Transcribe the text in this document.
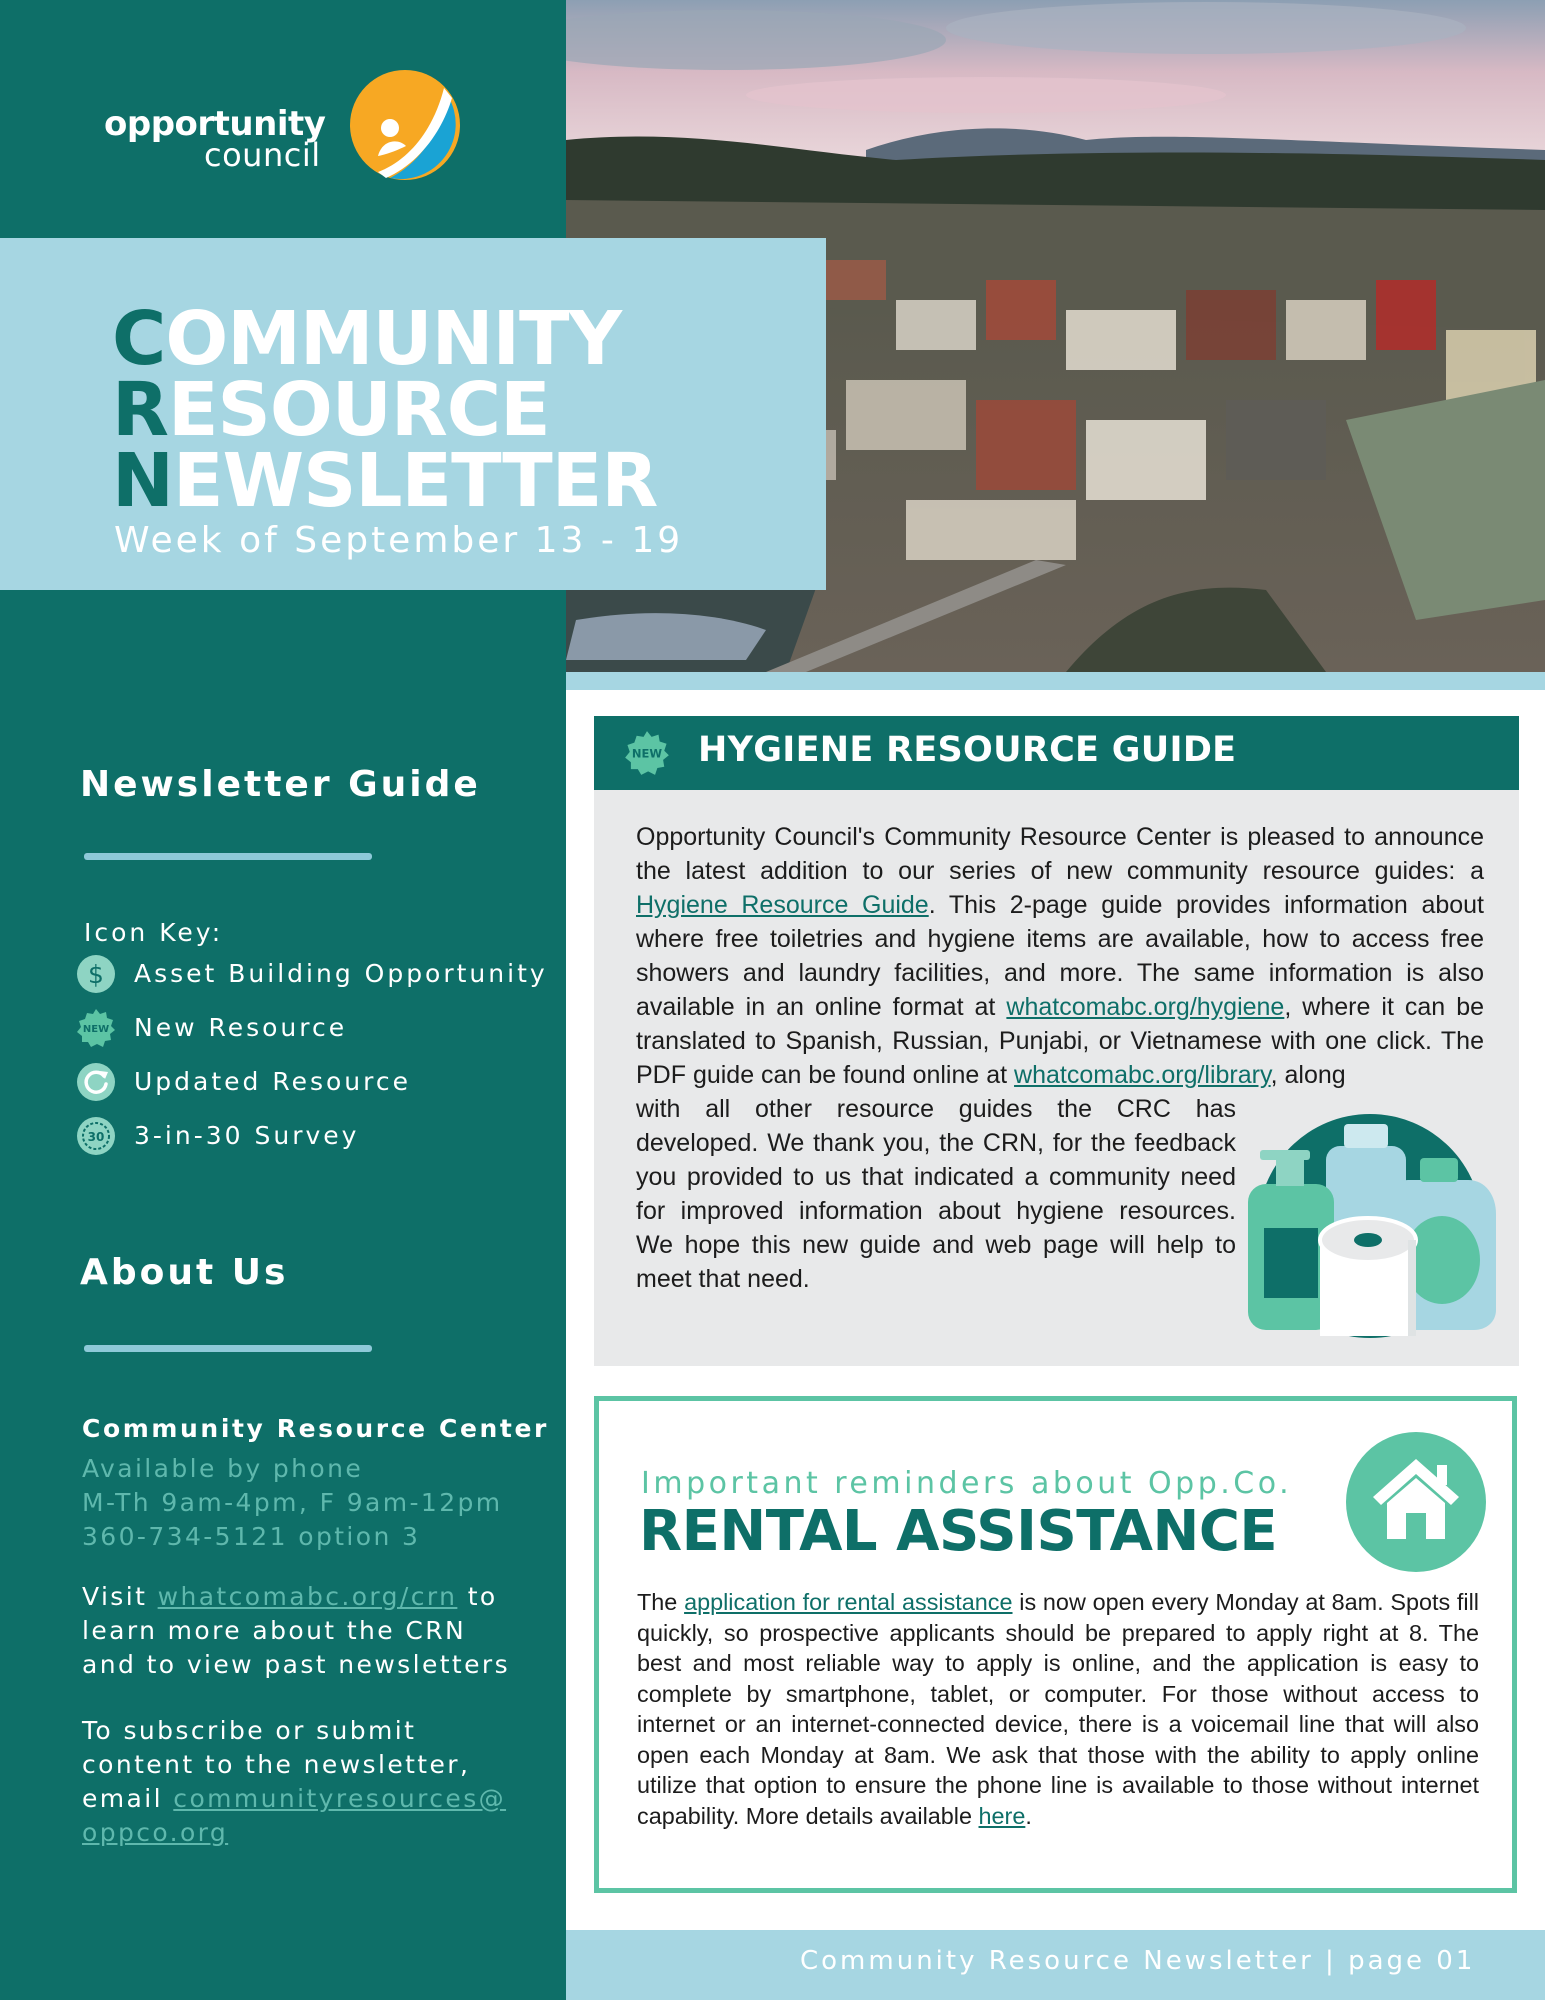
opportunity
council
Newsletter Guide
Icon Key:
$ Asset Building Opportunity
NEW New Resource
Updated Resource
30 3-in-30 Survey
About Us
Community Resource Center
Available by phone
M-Th 9am-4pm, F 9am-12pm
360-734-5121 option 3
Visit whatcomabc.org/crn to learn more about the CRN and to view past newsletters
To subscribe or submit content to the newsletter, email communityresources@ oppco.org
COMMUNITY
RESOURCE
NEWSLETTER
Week of September 13 - 19
NEW HYGIENE RESOURCE GUIDE
Opportunity Council's Community Resource Center is pleased to announce the latest addition to our series of new community resource guides: a Hygiene Resource Guide. This 2-page guide provides information about where free toiletries and hygiene items are available, how to access free showers and laundry facilities, and more. The same information is also available in an online format at whatcomabc.org/hygiene, where it can be translated to Spanish, Russian, Punjabi, or Vietnamese with one click. The PDF guide can be found online at whatcomabc.org/library, along
with all other resource guides the CRC has developed. We thank you, the CRN, for the feedback you provided to us that indicated a community need for improved information about hygiene resources. We hope this new guide and web page will help to meet that need.
Important reminders about Opp.Co.
RENTAL ASSISTANCE
The application for rental assistance is now open every Monday at 8am. Spots fill quickly, so prospective applicants should be prepared to apply right at 8. The best and most reliable way to apply is online, and the application is easy to complete by smartphone, tablet, or computer. For those without access to internet or an internet-connected device, there is a voicemail line that will also open each Monday at 8am. We ask that those with the ability to apply online utilize that option to ensure the phone line is available to those without internet capability. More details available here.
Community Resource Newsletter | page 01
